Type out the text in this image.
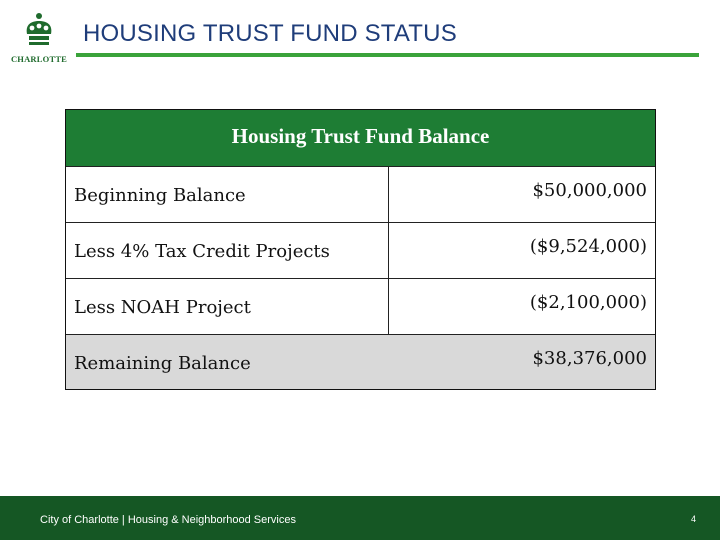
CHARLOTTE
HOUSING TRUST FUND STATUS
Housing Trust Fund Balance
Beginning Balance	$50,000,000
Less 4% Tax Credit Projects	($9,524,000)
Less NOAH Project	($2,100,000)
Remaining Balance	$38,376,000
City of Charlotte | Housing & Neighborhood Services	4
